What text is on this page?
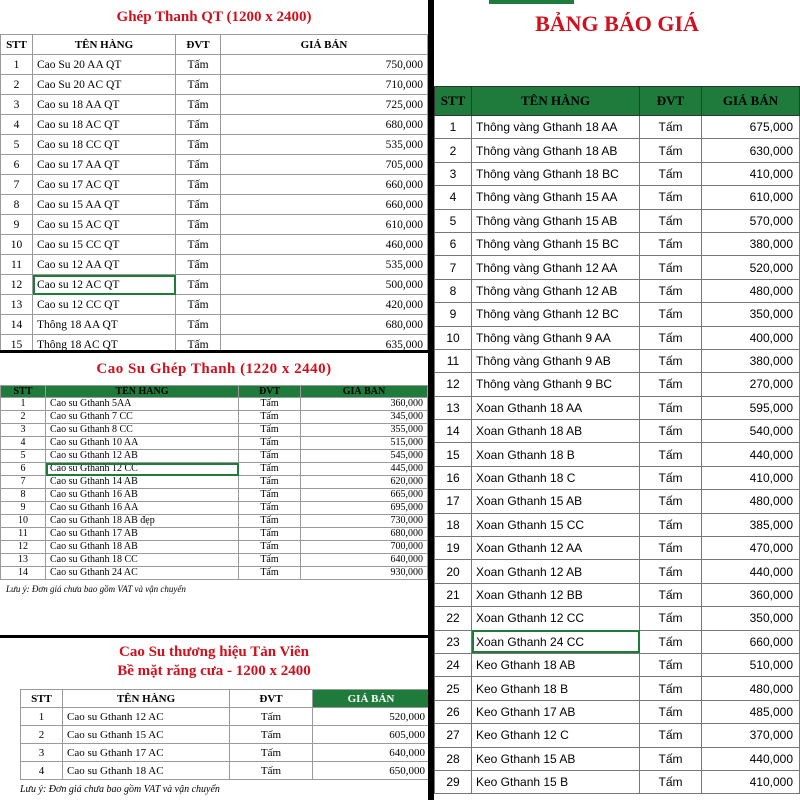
Ghép Thanh QT (1200 x 2400)
STT	TÊN HÀNG	ĐVT	GIÁ BÁN
1	Cao Su 20 AA QT	Tấm	750,000
2	Cao Su 20 AC QT	Tấm	710,000
3	Cao su 18 AA QT	Tấm	725,000
4	Cao su 18 AC QT	Tấm	680,000
5	Cao su 18 CC QT	Tấm	535,000
6	Cao su 17 AA QT	Tấm	705,000
7	Cao su 17 AC QT	Tấm	660,000
8	Cao su 15 AA QT	Tấm	660,000
9	Cao su 15 AC QT	Tấm	610,000
10	Cao su 15 CC QT	Tấm	460,000
11	Cao su 12 AA QT	Tấm	535,000
12	Cao su 12 AC QT	Tấm	500,000
13	Cao su 12 CC QT	Tấm	420,000
14	Thông 18 AA QT	Tấm	680,000
15	Thông 18 AC QT	Tấm	635,000
Cao Su Ghép Thanh (1220 x 2440)
STT	TÊN HÀNG	ĐVT	GIÁ BÁN
1	Cao su Gthanh 5AA	Tấm	360,000
2	Cao su Gthanh 7 CC	Tấm	345,000
3	Cao su Gthanh 8 CC	Tấm	355,000
4	Cao su Gthanh 10 AA	Tấm	515,000
5	Cao su Gthanh 12 AB	Tấm	545,000
6	Cao su Gthanh 12 CC	Tấm	445,000
7	Cao su Gthanh 14 AB	Tấm	620,000
8	Cao su Gthanh 16 AB	Tấm	665,000
9	Cao su Gthanh 16 AA	Tấm	695,000
10	Cao su Gthanh 18 AB đẹp	Tấm	730,000
11	Cao su Gthanh 17 AB	Tấm	680,000
12	Cao su Gthanh 18 AB	Tấm	700,000
13	Cao su Gthanh 18 CC	Tấm	640,000
14	Cao su Gthanh 24 AC	Tấm	930,000
Lưu ý: Đơn giá chưa bao gồm VAT và vận chuyển
Cao Su thương hiệu Tản Viên
Bề mặt răng cưa - 1200 x 2400
STT	TÊN HÀNG	ĐVT	GIÁ BÁN
1	Cao su Gthanh 12 AC	Tấm	520,000
2	Cao su Gthanh 15 AC	Tấm	605,000
3	Cao su Gthanh 17 AC	Tấm	640,000
4	Cao su Gthanh 18 AC	Tấm	650,000
Lưu ý: Đơn giá chưa bao gồm VAT và vận chuyển
BẢNG BÁO GIÁ
STT	TÊN HÀNG	ĐVT	GIÁ BÁN
1	Thông vàng Gthanh 18 AA	Tấm	675,000
2	Thông vàng Gthanh 18 AB	Tấm	630,000
3	Thông vàng Gthanh 18 BC	Tấm	410,000
4	Thông vàng Gthanh 15 AA	Tấm	610,000
5	Thông vàng Gthanh 15 AB	Tấm	570,000
6	Thông vàng Gthanh 15 BC	Tấm	380,000
7	Thông vàng Gthanh 12 AA	Tấm	520,000
8	Thông vàng Gthanh 12 AB	Tấm	480,000
9	Thông vàng Gthanh 12 BC	Tấm	350,000
10	Thông vàng Gthanh 9 AA	Tấm	400,000
11	Thông vàng Gthanh 9 AB	Tấm	380,000
12	Thông vàng Gthanh 9 BC	Tấm	270,000
13	Xoan Gthanh 18 AA	Tấm	595,000
14	Xoan Gthanh 18 AB	Tấm	540,000
15	Xoan Gthanh 18 B	Tấm	440,000
16	Xoan Gthanh 18 C	Tấm	410,000
17	Xoan Gthanh 15 AB	Tấm	480,000
18	Xoan Gthanh 15 CC	Tấm	385,000
19	Xoan Gthanh 12 AA	Tấm	470,000
20	Xoan Gthanh 12 AB	Tấm	440,000
21	Xoan Gthanh 12 BB	Tấm	360,000
22	Xoan Gthanh 12 CC	Tấm	350,000
23	Xoan Gthanh 24 CC	Tấm	660,000
24	Keo Gthanh 18 AB	Tấm	510,000
25	Keo Gthanh 18 B	Tấm	480,000
26	Keo Gthanh 17 AB	Tấm	485,000
27	Keo Gthanh 12 C	Tấm	370,000
28	Keo Gthanh 15 AB	Tấm	440,000
29	Keo Gthanh 15 B	Tấm	410,000
